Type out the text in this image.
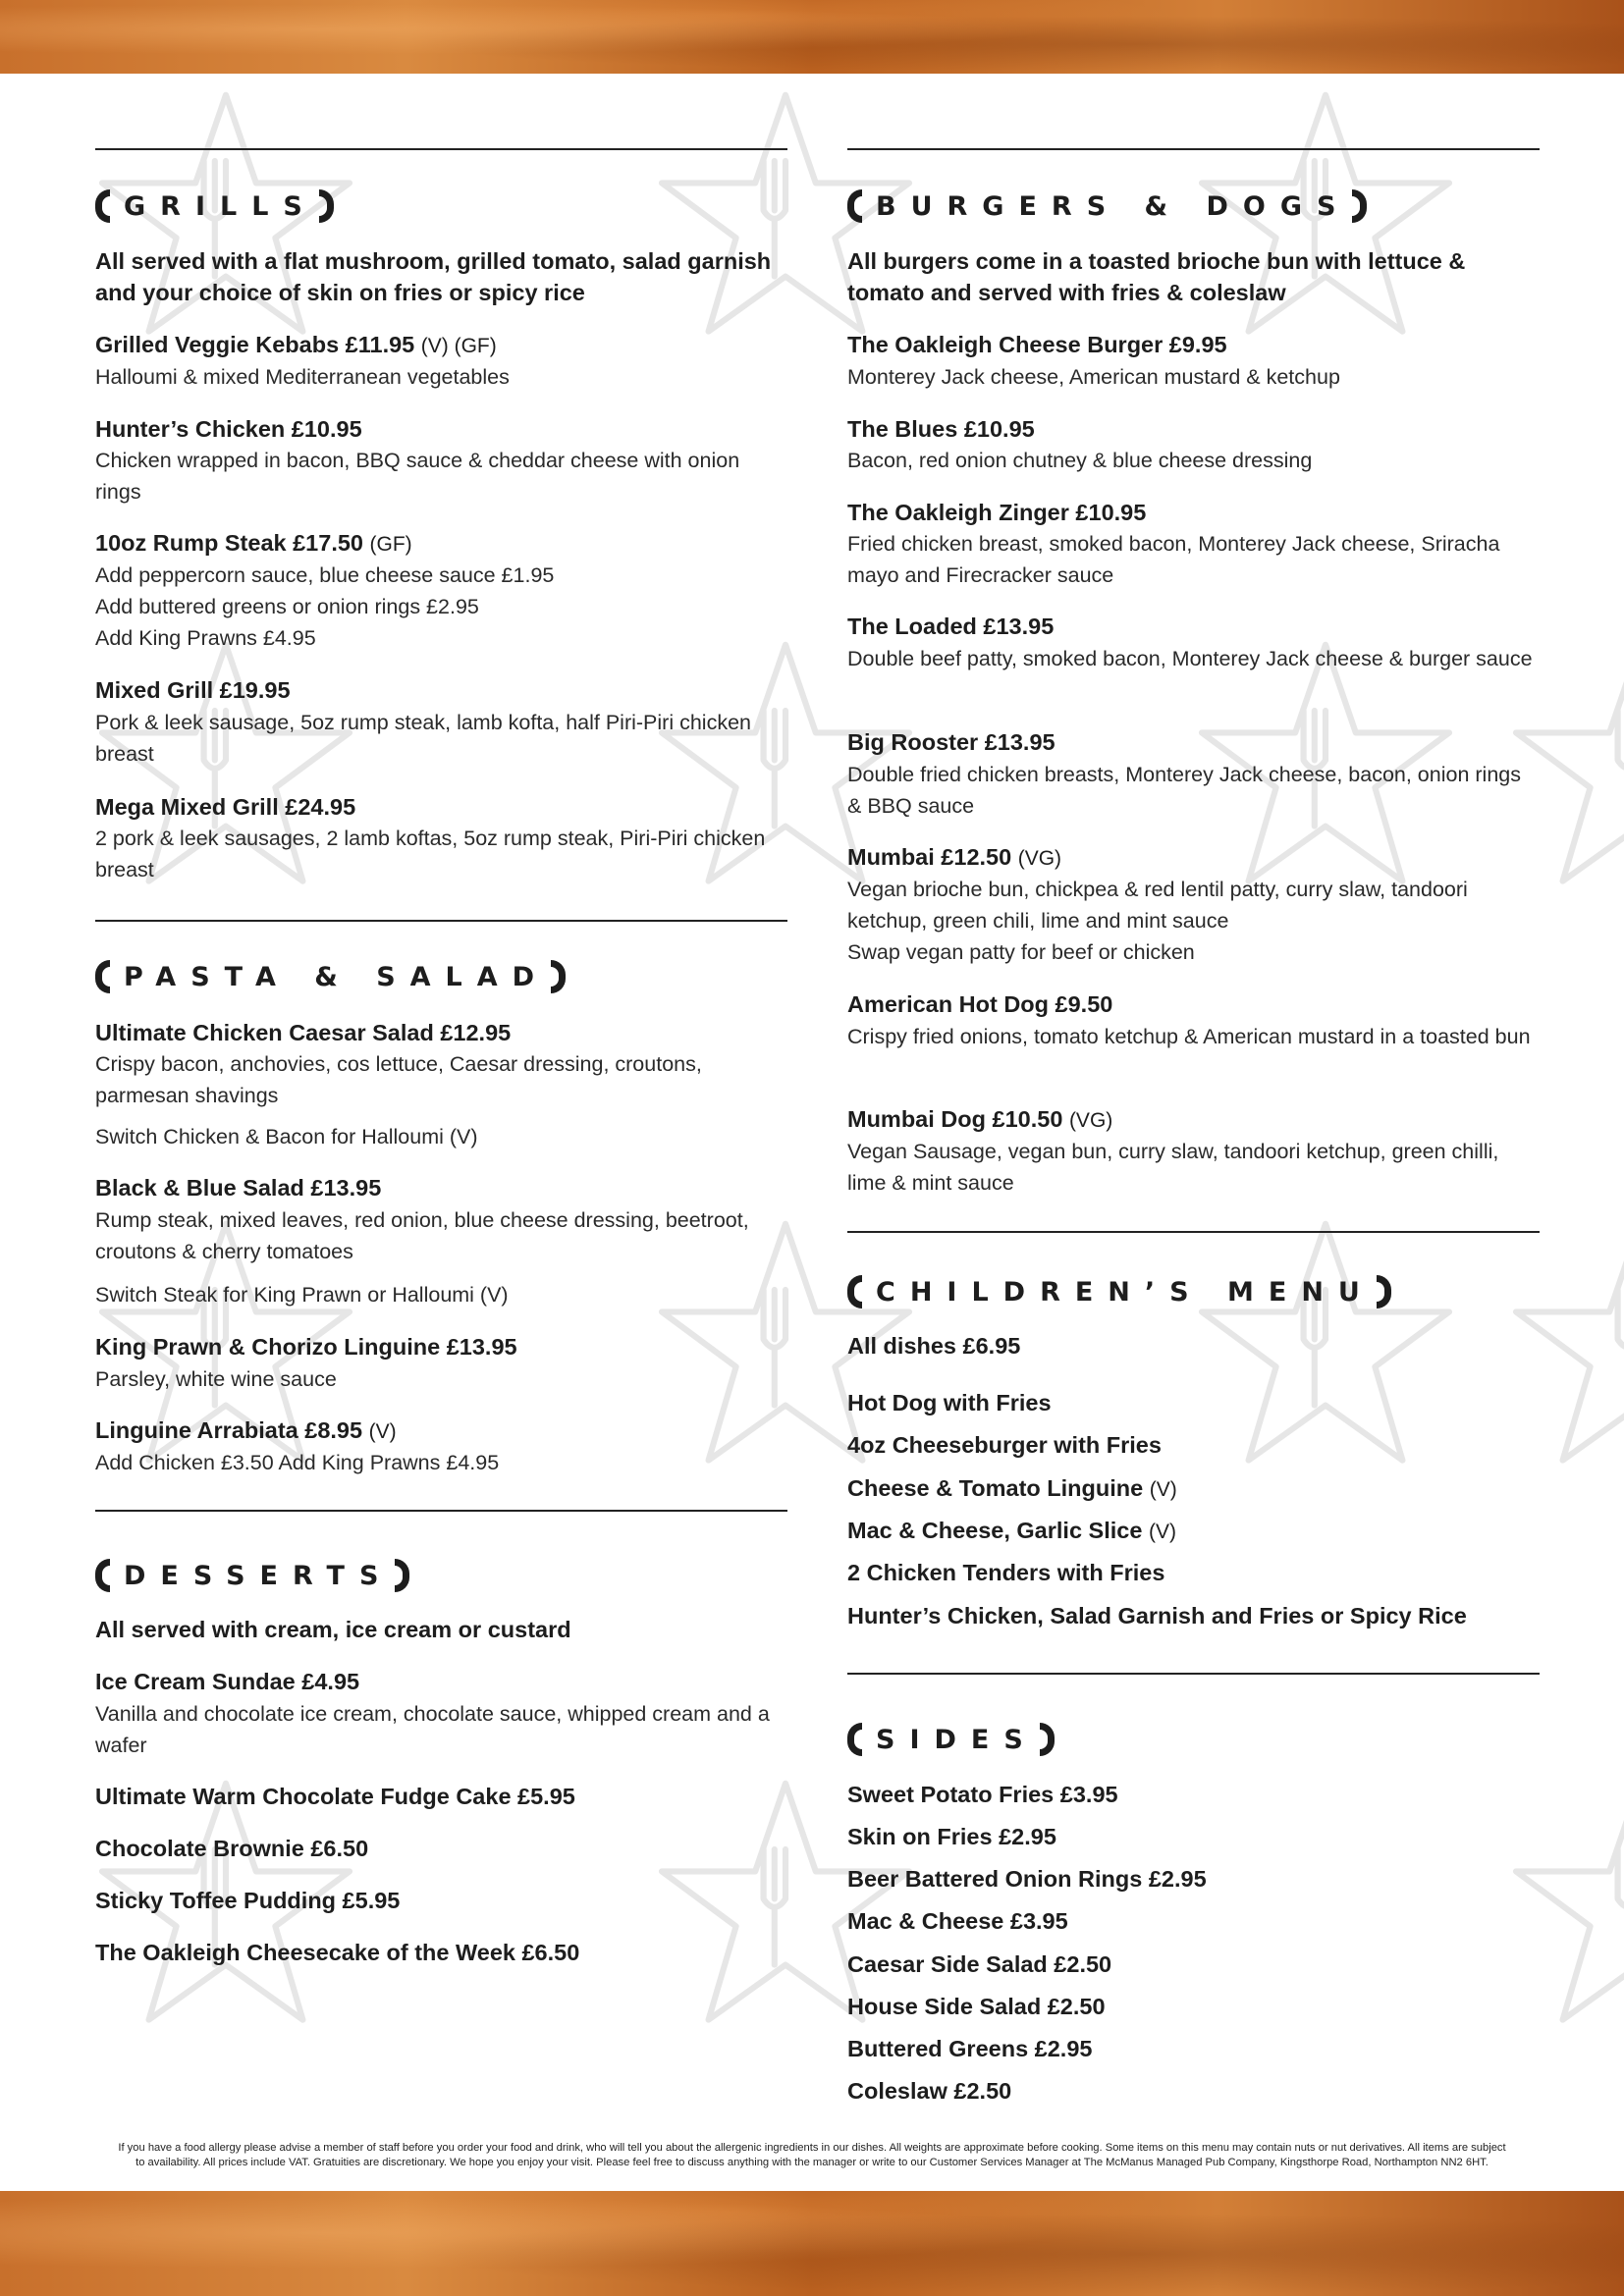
GRILLS
All served with a flat mushroom, grilled tomato, salad garnish and your choice of skin on fries or spicy rice
Grilled Veggie Kebabs £11.95 (V) (GF)
Halloumi & mixed Mediterranean vegetables
Hunter’s Chicken £10.95
Chicken wrapped in bacon, BBQ sauce & cheddar cheese with onion rings
10oz Rump Steak £17.50 (GF)
Add peppercorn sauce, blue cheese sauce £1.95
Add buttered greens or onion rings £2.95
Add King Prawns £4.95
Mixed Grill £19.95
Pork & leek sausage, 5oz rump steak, lamb kofta, half Piri-Piri chicken breast
Mega Mixed Grill £24.95
2 pork & leek sausages, 2 lamb koftas, 5oz rump steak, Piri-Piri chicken breast
PASTA & SALAD
Ultimate Chicken Caesar Salad £12.95
Crispy bacon, anchovies, cos lettuce, Caesar dressing, croutons, parmesan shavings
Switch Chicken & Bacon for Halloumi (V)
Black & Blue Salad £13.95
Rump steak, mixed leaves, red onion, blue cheese dressing, beetroot, croutons & cherry tomatoes
Switch Steak for King Prawn or Halloumi (V)
King Prawn & Chorizo Linguine £13.95
Parsley, white wine sauce
Linguine Arrabiata £8.95 (V)
Add Chicken £3.50 Add King Prawns £4.95
DESSERTS
All served with cream, ice cream or custard
Ice Cream Sundae £4.95
Vanilla and chocolate ice cream, chocolate sauce, whipped cream and a wafer
Ultimate Warm Chocolate Fudge Cake £5.95
Chocolate Brownie £6.50
Sticky Toffee Pudding £5.95
The Oakleigh Cheesecake of the Week £6.50
BURGERS & DOGS
All burgers come in a toasted brioche bun with lettuce & tomato and served with fries & coleslaw
The Oakleigh Cheese Burger £9.95
Monterey Jack cheese, American mustard & ketchup
The Blues £10.95
Bacon, red onion chutney & blue cheese dressing
The Oakleigh Zinger £10.95
Fried chicken breast, smoked bacon, Monterey Jack cheese, Sriracha mayo and Firecracker sauce
The Loaded £13.95
Double beef patty, smoked bacon, Monterey Jack cheese & burger sauce
Big Rooster £13.95
Double fried chicken breasts, Monterey Jack cheese, bacon, onion rings & BBQ sauce
Mumbai £12.50 (VG)
Vegan brioche bun, chickpea & red lentil patty, curry slaw, tandoori ketchup, green chili, lime and mint sauce
Swap vegan patty for beef or chicken
American Hot Dog £9.50
Crispy fried onions, tomato ketchup & American mustard in a toasted bun
Mumbai Dog £10.50 (VG)
Vegan Sausage, vegan bun, curry slaw, tandoori ketchup, green chilli, lime & mint sauce
CHILDREN’S MENU
All dishes £6.95
Hot Dog with Fries
4oz Cheeseburger with Fries
Cheese & Tomato Linguine (V)
Mac & Cheese, Garlic Slice (V)
2 Chicken Tenders with Fries
Hunter’s Chicken, Salad Garnish and Fries or Spicy Rice
SIDES
Sweet Potato Fries £3.95
Skin on Fries £2.95
Beer Battered Onion Rings £2.95
Mac & Cheese £3.95
Caesar Side Salad £2.50
House Side Salad £2.50
Buttered Greens £2.95
Coleslaw £2.50
If you have a food allergy please advise a member of staff before you order your food and drink, who will tell you about the allergenic ingredients in our dishes. All weights are approximate before cooking. Some items on this menu may contain nuts or nut derivatives. All items are subject
to availability. All prices include VAT. Gratuities are discretionary. We hope you enjoy your visit. Please feel free to discuss anything with the manager or write to our Customer Services Manager at The McManus Managed Pub Company, Kingsthorpe Road, Northampton NN2 6HT.
